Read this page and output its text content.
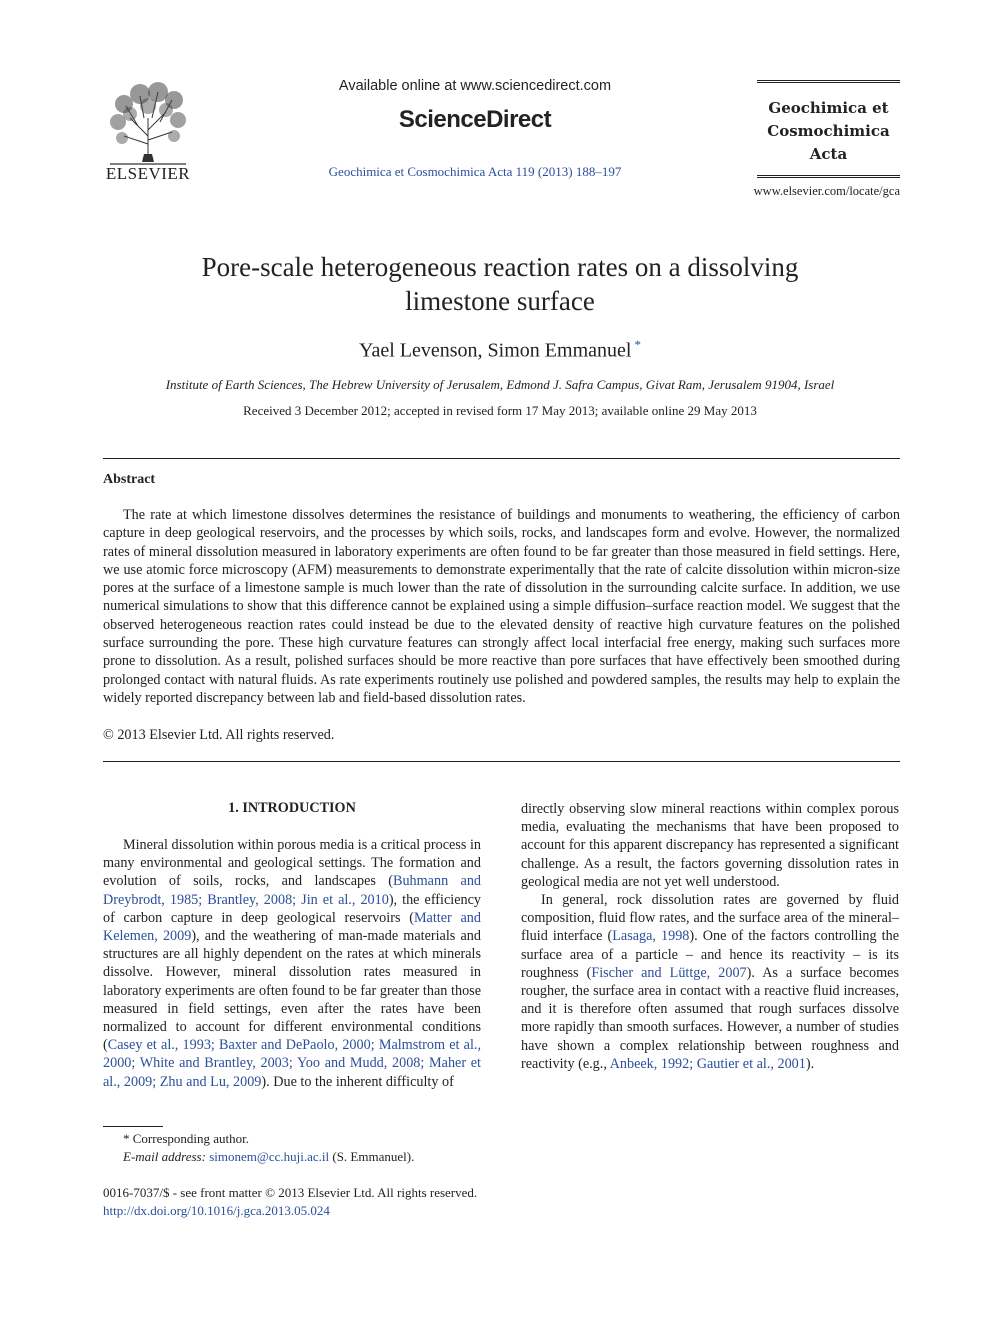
ELSEVIER
Available online at www.sciencedirect.com
ScienceDirect
Geochimica et Cosmochimica Acta 119 (2013) 188–197
Geochimica et
Cosmochimica
Acta
www.elsevier.com/locate/gca
Pore-scale heterogeneous reaction rates on a dissolving limestone surface
Yael Levenson, Simon Emmanuel *
Institute of Earth Sciences, The Hebrew University of Jerusalem, Edmond J. Safra Campus, Givat Ram, Jerusalem 91904, Israel
Received 3 December 2012; accepted in revised form 17 May 2013; available online 29 May 2013
Abstract

The rate at which limestone dissolves determines the resistance of buildings and monuments to weathering, the efficiency of carbon capture in deep geological reservoirs, and the processes by which soils, rocks, and landscapes form and evolve. However, the normalized rates of mineral dissolution measured in laboratory experiments are often found to be far greater than those measured in field settings. Here, we use atomic force microscopy (AFM) measurements to demonstrate experimentally that the rate of calcite dissolution within micron-size pores at the surface of a limestone sample is much lower than the rate of dissolution in the surrounding calcite surface. In addition, we use numerical simulations to show that this difference cannot be explained using a simple diffusion–surface reaction model. We suggest that the observed heterogeneous reaction rates could instead be due to the elevated density of reactive high curvature features on the polished surface surrounding the pore. These high curvature features can strongly affect local interfacial free energy, making such surfaces more prone to dissolution. As a result, polished surfaces should be more reactive than pore surfaces that have effectively been smoothed during prolonged contact with natural fluids. As rate experiments routinely use polished and powdered samples, the results may help to explain the widely reported discrepancy between lab and field-based dissolution rates.

© 2013 Elsevier Ltd. All rights reserved.
1. INTRODUCTION

Mineral dissolution within porous media is a critical process in many environmental and geological settings. The formation and evolution of soils, rocks, and landscapes (Buhmann and Dreybrodt, 1985; Brantley, 2008; Jin et al., 2010), the efficiency of carbon capture in deep geological reservoirs (Matter and Kelemen, 2009), and the weathering of man-made materials and structures are all highly dependent on the rates at which minerals dissolve. However, mineral dissolution rates measured in laboratory experiments are often found to be far greater than those measured in field settings, even after the rates have been normalized to account for different environmental conditions (Casey et al., 1993; Baxter and DePaolo, 2000; Malmstrom et al., 2000; White and Brantley, 2003; Yoo and Mudd, 2008; Maher et al., 2009; Zhu and Lu, 2009). Due to the inherent difficulty of

directly observing slow mineral reactions within complex porous media, evaluating the mechanisms that have been proposed to account for this apparent discrepancy has represented a significant challenge. As a result, the factors governing dissolution rates in geological media are not yet well understood.

In general, rock dissolution rates are governed by fluid composition, fluid flow rates, and the surface area of the mineral–fluid interface (Lasaga, 1998). One of the factors controlling the surface area of a particle – and hence its reactivity – is its roughness (Fischer and Lüttge, 2007). As a surface becomes rougher, the surface area in contact with a reactive fluid increases, and it is therefore often assumed that rough surfaces dissolve more rapidly than smooth surfaces. However, a number of studies have shown a complex relationship between roughness and reactivity (e.g., Anbeek, 1992; Gautier et al., 2001).

* Corresponding author.
E-mail address: simonem@cc.huji.ac.il (S. Emmanuel).
0016-7037/$ - see front matter © 2013 Elsevier Ltd. All rights reserved.
http://dx.doi.org/10.1016/j.gca.2013.05.024
